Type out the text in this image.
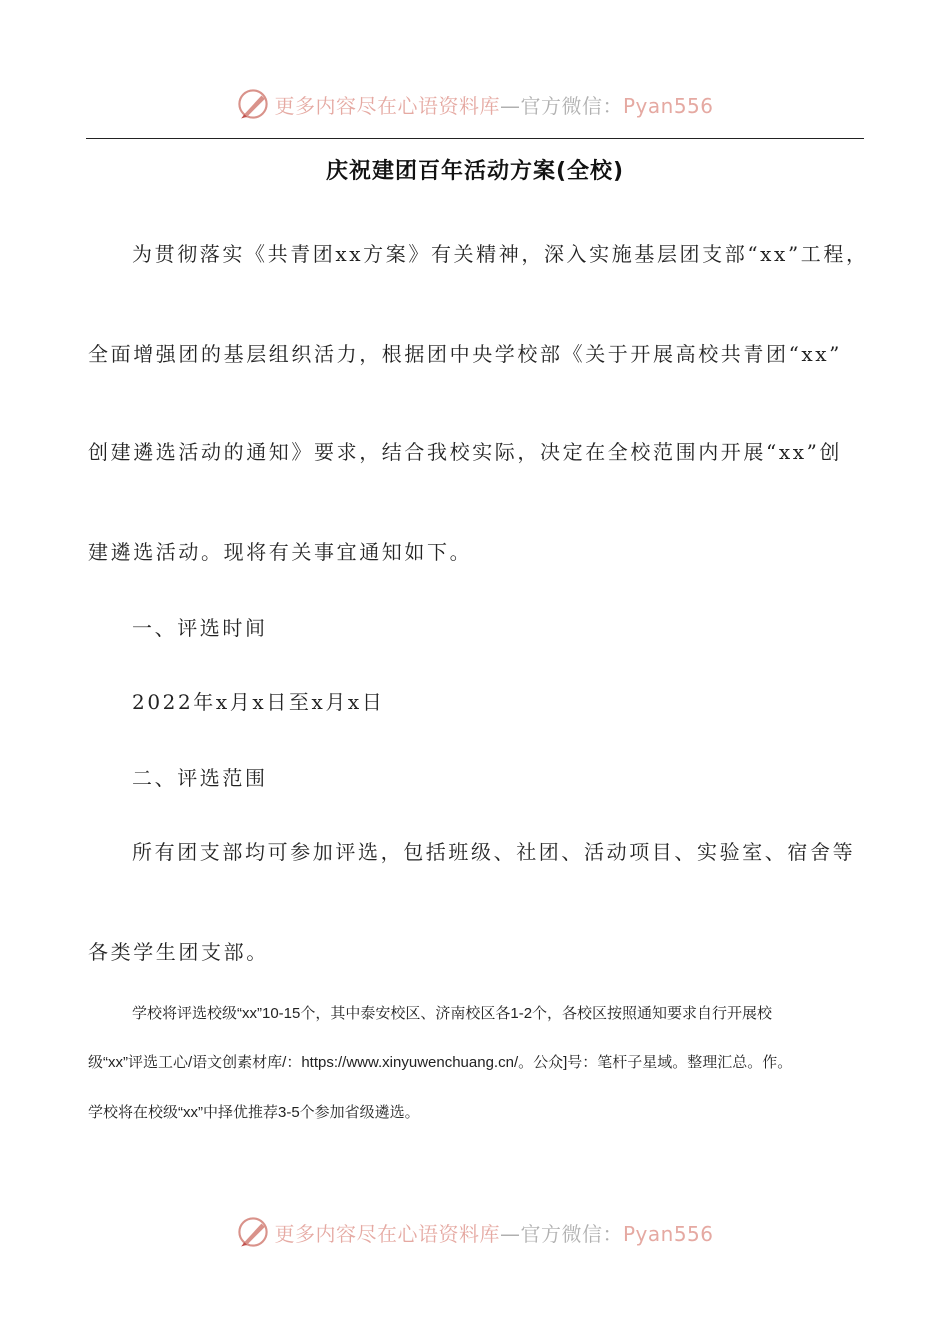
更多内容尽在心语资料库—官方微信：Pyan556
庆祝建团百年活动方案(全校)
为贯彻落实《共青团xx方案》有关精神，深入实施基层团支部“xx”工程，
全面增强团的基层组织活力，根据团中央学校部《关于开展高校共青团“xx”
创建遴选活动的通知》要求，结合我校实际，决定在全校范围内开展“xx”创
建遴选活动。现将有关事宜通知如下。
一、评选时间
2022年x月x日至x月x日
二、评选范围
所有团支部均可参加评选，包括班级、社团、活动项目、实验室、宿舍等
各类学生团支部。
学校将评选校级“xx”10-15个，其中泰安校区、济南校区各1-2个，各校区按照通知要求自行开展校
级“xx”评选工心/语文创素材库/：https://www.xinyuwenchuang.cn/。公众]号：笔杆子星域。整理汇总。作。
学校将在校级“xx”中择优推荐3-5个参加省级遴选。
更多内容尽在心语资料库—官方微信：Pyan556
